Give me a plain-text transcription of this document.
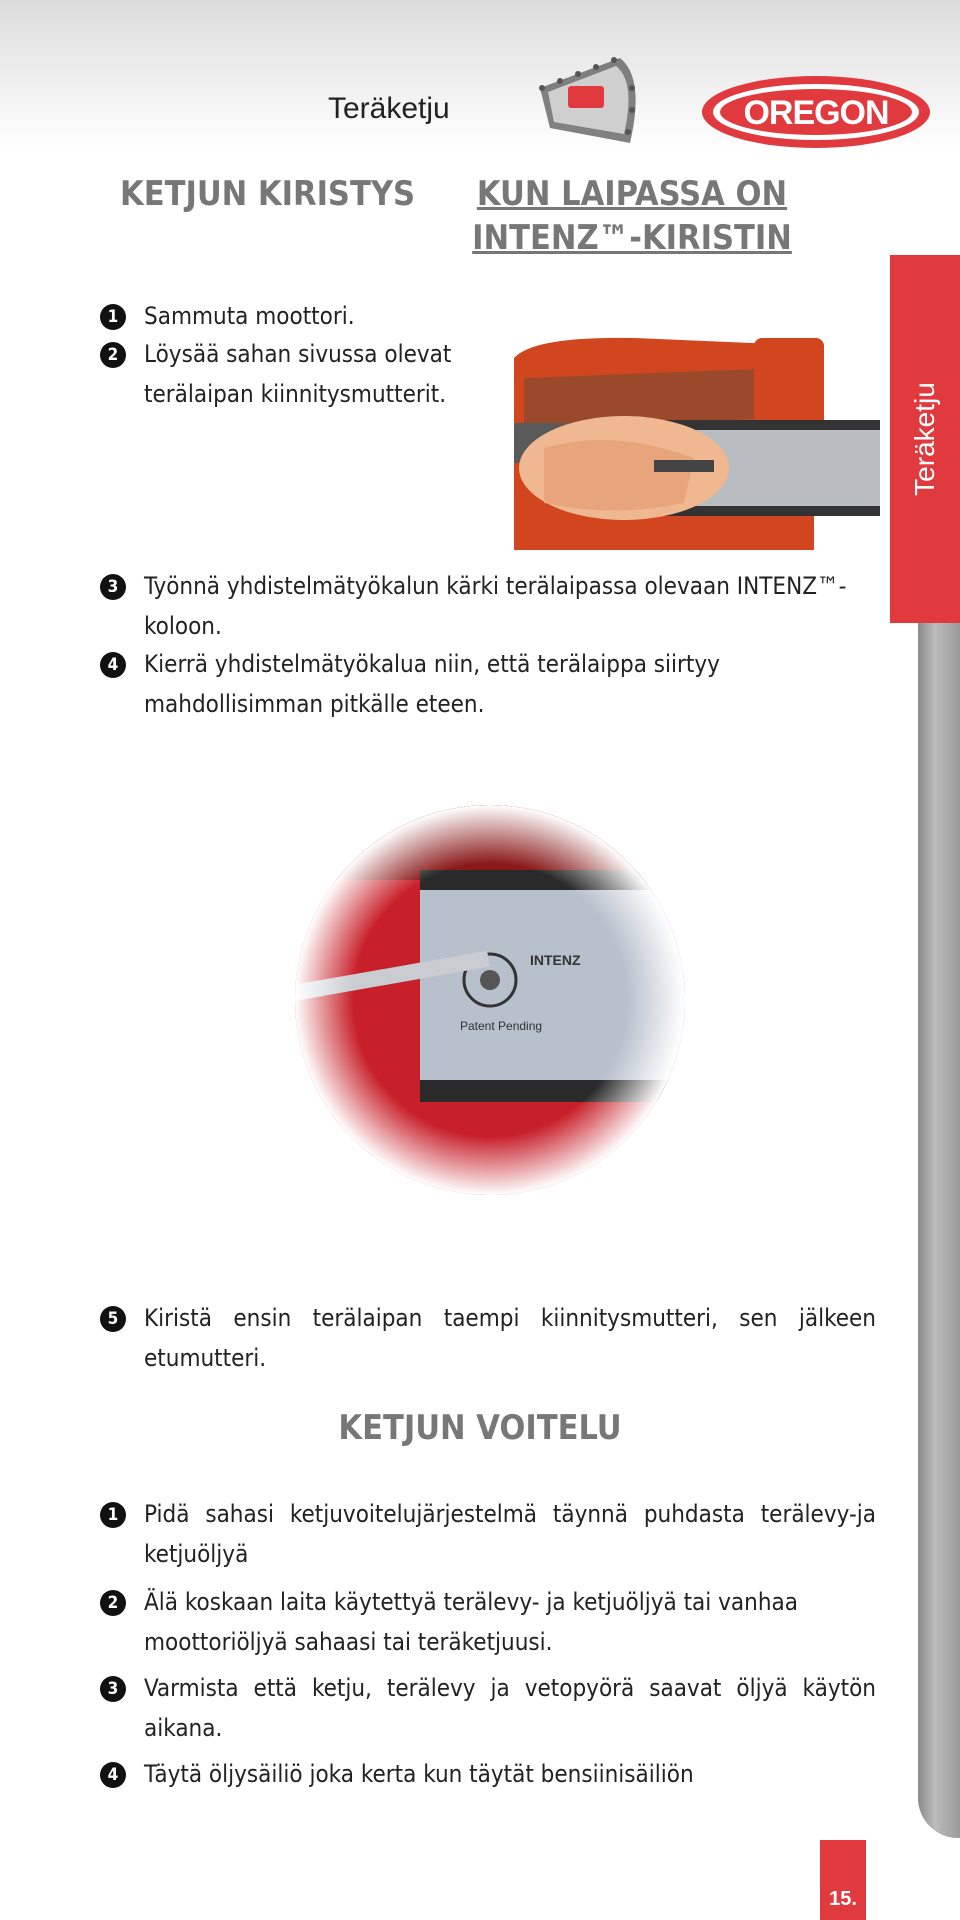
Teräketju	OREGON
Teräketju
KETJUN KIRISTYS	KUN LAIPASSA ON INTENZ™-KIRISTIN
1	Sammuta moottori.
2	Löysää sahan sivussa olevat terälaipan kiinnitysmutterit.
3	Työnnä yhdistelmätyökalun kärki terälaipassa olevaan INTENZ™-koloon.
4	Kierrä yhdistelmätyökalua niin, että terälaippa siirtyy mahdollisimman pitkälle eteen.
5	Kiristä ensin terälaipan taempi kiinnitysmutteri, sen jälkeen etumutteri.
KETJUN VOITELU
1	Pidä sahasi ketjuvoitelujärjestelmä täynnä puhdasta terälevy-ja ketjuöljyä
2	Älä koskaan laita käytettyä terälevy- ja ketjuöljyä tai vanhaa moottoriöljyä sahaasi tai teräketjuusi.
3	Varmista että ketju, terälevy ja vetopyörä saavat öljyä käytön aikana.
4	Täytä öljysäiliö joka kerta kun täytät bensiinisäiliön
15.
